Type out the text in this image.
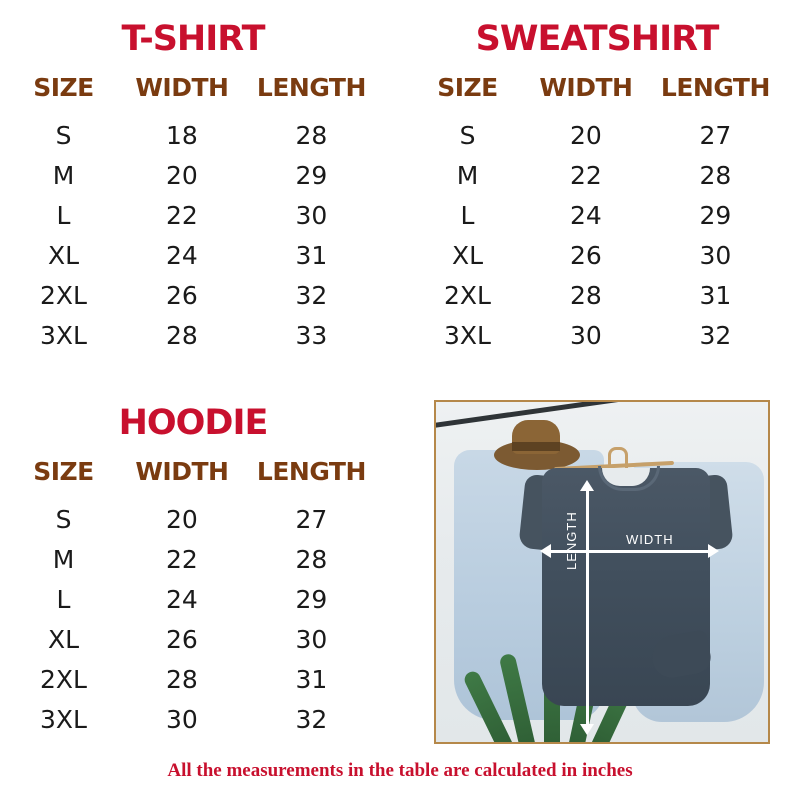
T-SHIRT
SIZE	WIDTH	LENGTH
S	18	28
M	20	29
L	22	30
XL	24	31
2XL	26	32
3XL	28	33
SWEATSHIRT
SIZE	WIDTH	LENGTH
S	20	27
M	22	28
L	24	29
XL	26	30
2XL	28	31
3XL	30	32
HOODIE
SIZE	WIDTH	LENGTH
S	20	27
M	22	28
L	24	29
XL	26	30
2XL	28	31
3XL	30	32
WIDTH
LENGTH
All the measurements in the table are calculated in inches
